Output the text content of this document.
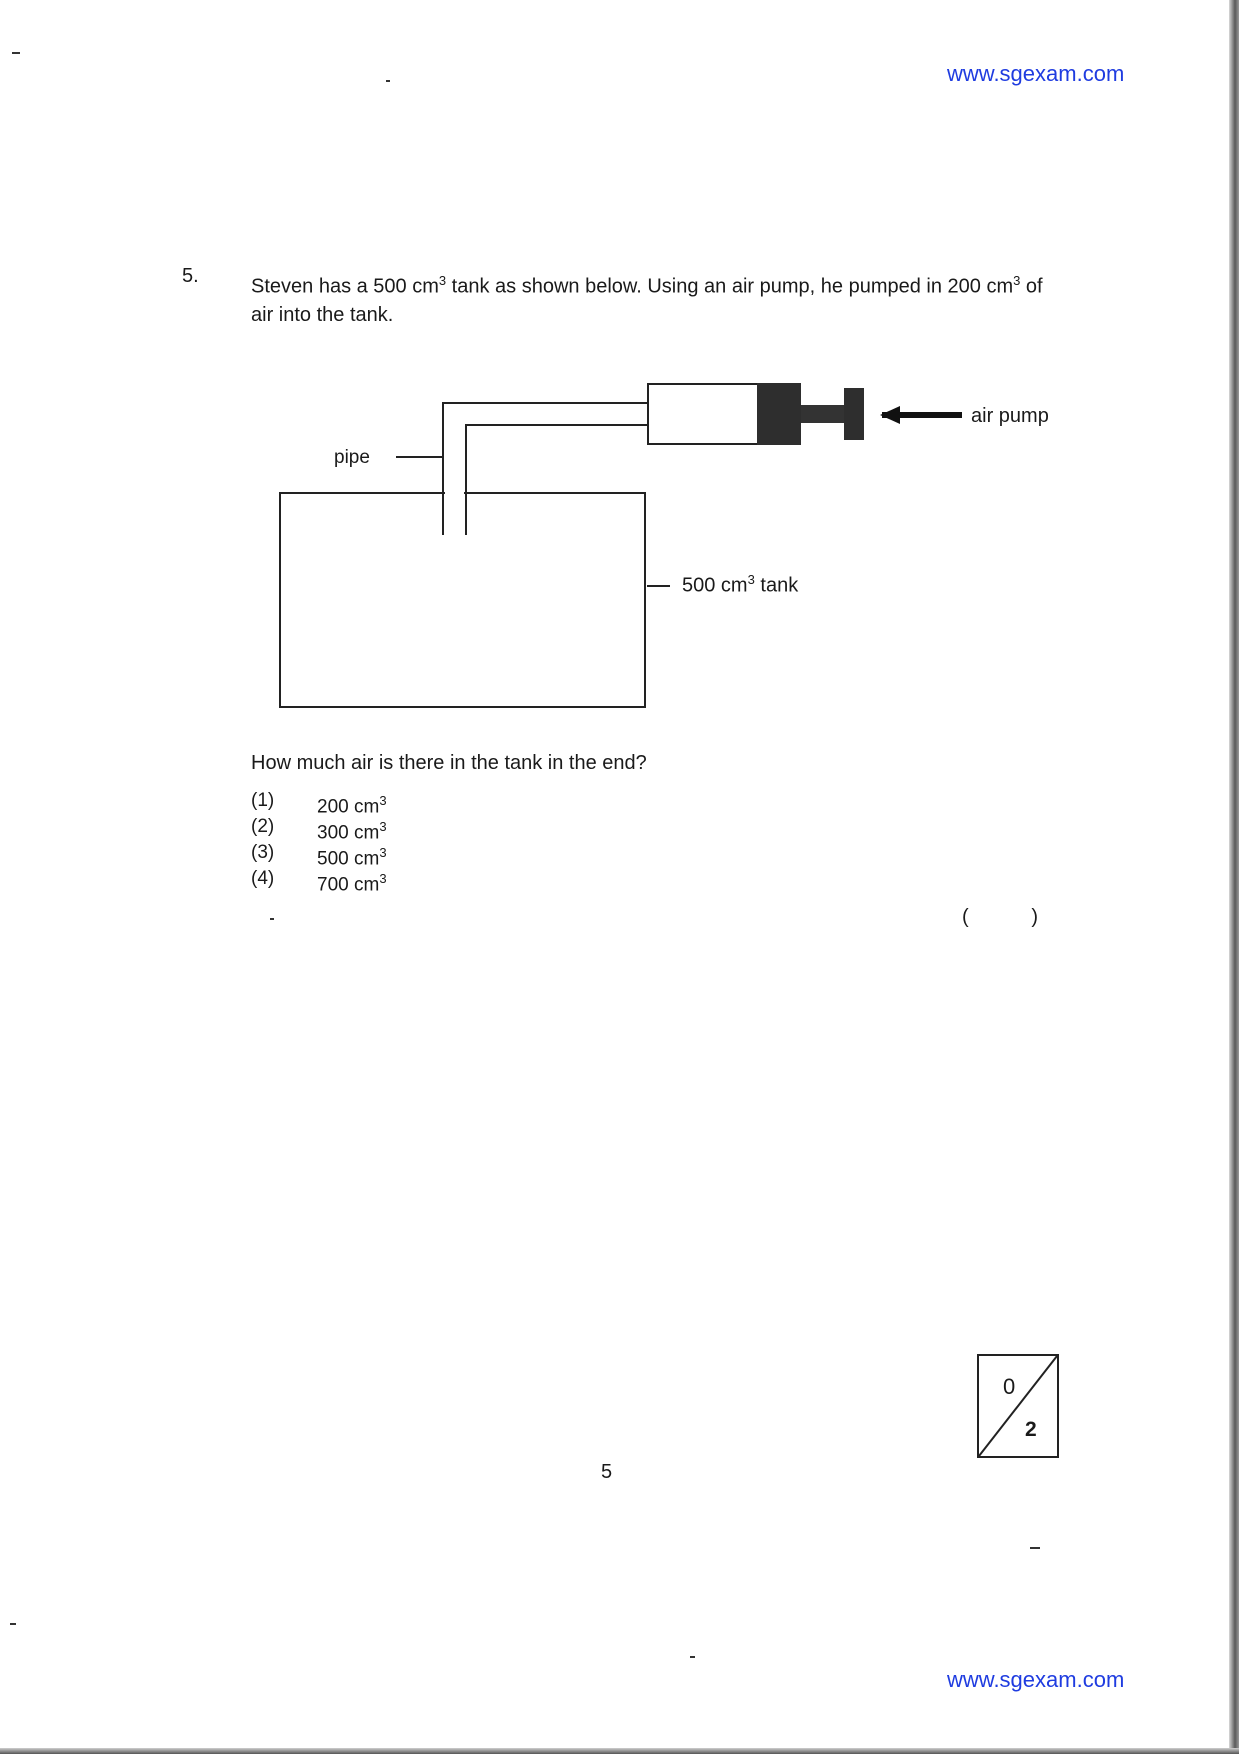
www.sgexam.com
5.	Steven has a 500 $cm^3$ tank as shown below. Using an air pump, he pumped in 200 $cm^3$ of air into the tank.
pipe
air pump
500 $cm^3$ tank
How much air is there in the tank in the end?
(1)	200 $cm^3$
(2)	300 $cm^3$
(3)	500 $cm^3$
(4)	700 $cm^3$
(	)
0
2
5
www.sgexam.com
